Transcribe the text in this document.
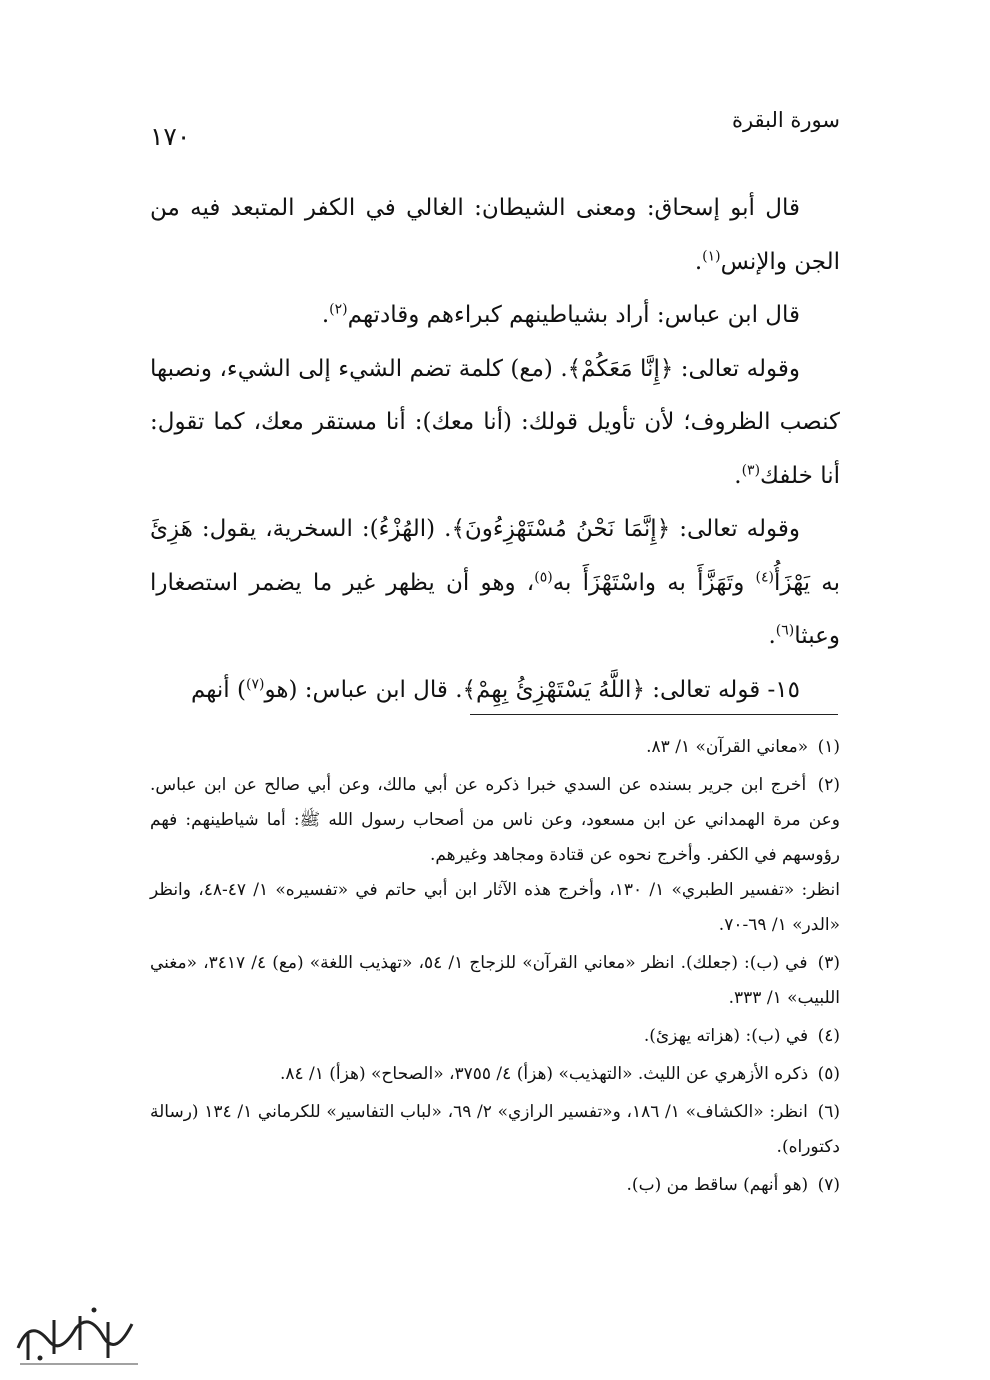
سورة البقرة
١٧٠

قال أبو إسحاق: ومعنى الشيطان: الغالي في الكفر المتبعد فيه من الجن والإنس$^{(١)}$.

قال ابن عباس: أراد بشياطينهم كبراءهم وقادتهم$^{(٢)}$.

وقوله تعالى: ﴿إِنَّا مَعَكُمْ﴾. (مع) كلمة تضم الشيء إلى الشيء، ونصبها كنصب الظروف؛ لأن تأويل قولك: (أنا معك): أنا مستقر معك، كما تقول: أنا خلفك$^{(٣)}$.

وقوله تعالى: ﴿إِنَّمَا نَحْنُ مُسْتَهْزِءُونَ﴾. (الهُزْءُ): السخرية، يقول: هَزِئَ به يَهْزَأُ$^{(٤)}$ وتَهَزَّأَ به واسْتَهْزَأَ به$^{(٥)}$، وهو أن يظهر غير ما يضمر استصغارا وعبثا$^{(٦)}$.

١٥- قوله تعالى: ﴿اللَّهُ يَسْتَهْزِئُ بِهِمْ﴾. قال ابن عباس: (هو$^{(٧)}$) أنهم

(١) «معاني القرآن» ١/ ٨٣.
(٢) أخرج ابن جرير بسنده عن السدي خبرا ذكره عن أبي مالك، وعن أبي صالح عن ابن عباس. وعن مرة الهمداني عن ابن مسعود، وعن ناس من أصحاب رسول الله ﷺ: أما شياطينهم: فهم رؤوسهم في الكفر. وأخرج نحوه عن قتادة ومجاهد وغيرهم.
انظر: «تفسير الطبري» ١/ ١٣٠، وأخرج هذه الآثار ابن أبي حاتم في «تفسيره» ١/ ٤٧-٤٨، وانظر «الدر» ١/ ٦٩-٧٠.
(٣) في (ب): (جعلك). انظر «معاني القرآن» للزجاج ١/ ٥٤، «تهذيب اللغة» (مع) ٤/ ٣٤١٧، «مغني اللبيب» ١/ ٣٣٣.
(٤) في (ب): (هزاته يهزئ).
(٥) ذكره الأزهري عن الليث. «التهذيب» (هزأ) ٤/ ٣٧٥٥، «الصحاح» (هزأ) ١/ ٨٤.
(٦) انظر: «الكشاف» ١/ ١٨٦، و«تفسير الرازي» ٢/ ٦٩، «لباب التفاسير» للكرماني ١/ ١٣٤ (رسالة دكتوراه).
(٧) (هو أنهم) ساقط من (ب).
